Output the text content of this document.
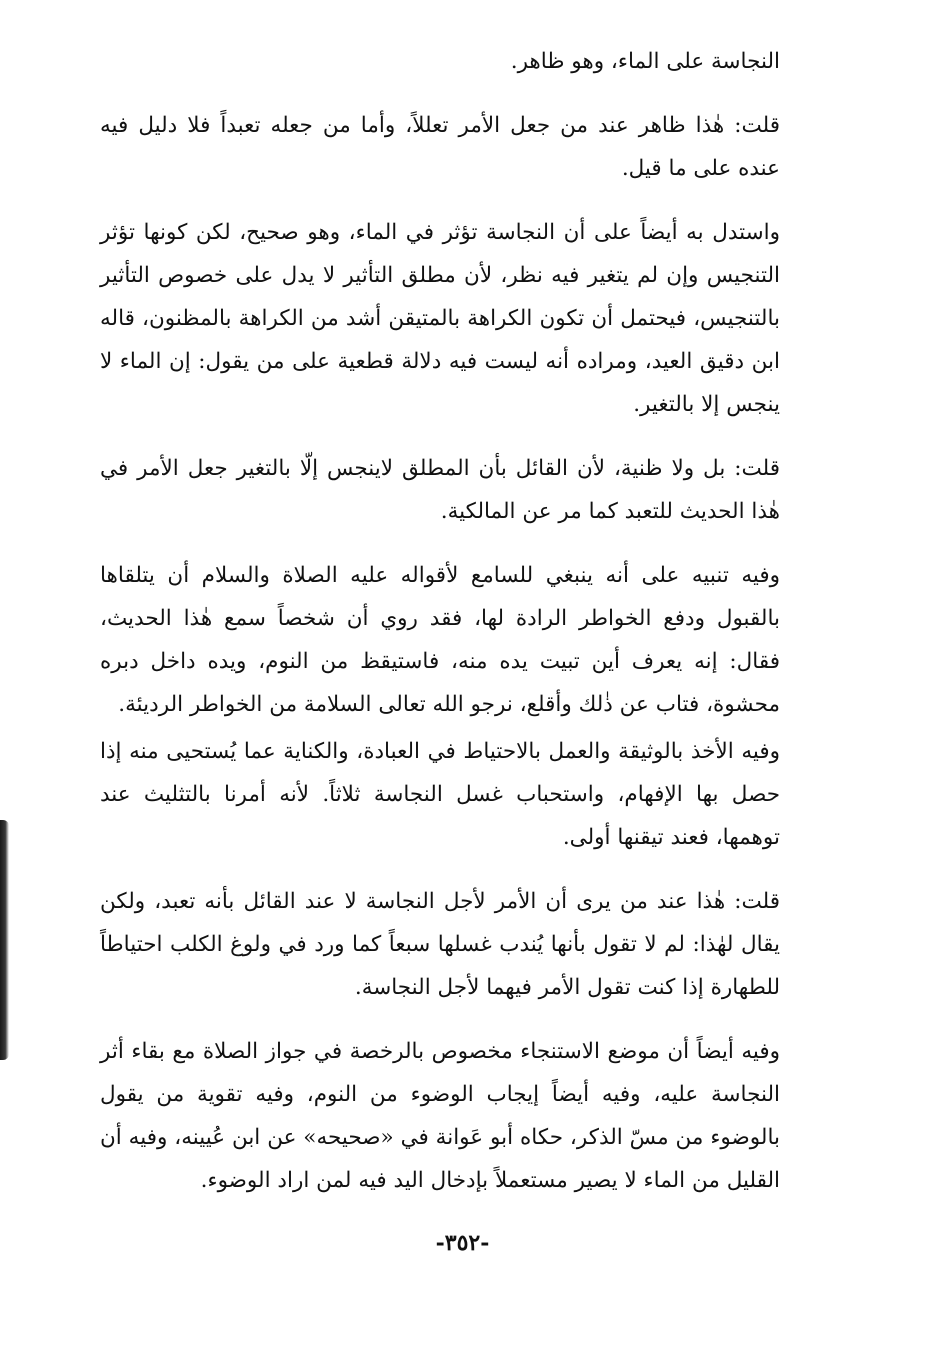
النجاسة على الماء، وهو ظاهر.

قلت: هٰذا ظاهر عند من جعل الأمر تعللاً، وأما من جعله تعبداً فلا دليل فيه عنده على ما قيل.

واستدل به أيضاً على أن النجاسة تؤثر في الماء، وهو صحيح، لكن كونها تؤثر التنجيس وإن لم يتغير فيه نظر، لأن مطلق التأثير لا يدل على خصوص التأثير بالتنجيس، فيحتمل أن تكون الكراهة بالمتيقن أشد من الكراهة بالمظنون، قاله ابن دقيق العيد، ومراده أنه ليست فيه دلالة قطعية على من يقول: إن الماء لا ينجس إلا بالتغير.

قلت: بل ولا ظنية، لأن القائل بأن المطلق لاينجس إلّا بالتغير جعل الأمر في هٰذا الحديث للتعبد كما مر عن المالكية.

وفيه تنبيه على أنه ينبغي للسامع لأقواله عليه الصلاة والسلام أن يتلقاها بالقبول ودفع الخواطر الرادة لها، فقد روي أن شخصاً سمع هٰذا الحديث، فقال: إنه يعرف أين تبيت يده منه، فاستيقظ من النوم، ويده داخل دبره محشوة، فتاب عن ذٰلك وأقلع، نرجو الله تعالى السلامة من الخواطر الرديئة.

وفيه الأخذ بالوثيقة والعمل بالاحتياط في العبادة، والكناية عما يُستحيى منه إذا حصل بها الإفهام، واستحباب غسل النجاسة ثلاثاً. لأنه أمرنا بالتثليث عند توهمها، فعند تيقنها أولى.

قلت: هٰذا عند من يرى أن الأمر لأجل النجاسة لا عند القائل بأنه تعبد، ولكن يقال لهٰذا: لم لا تقول بأنها يُندب غسلها سبعاً كما ورد في ولوغ الكلب احتياطاً للطهارة إذا كنت تقول الأمر فيهما لأجل النجاسة.

وفيه أيضاً أن موضع الاستنجاء مخصوص بالرخصة في جواز الصلاة مع بقاء أثر النجاسة عليه، وفيه أيضاً إيجاب الوضوء من النوم، وفيه تقوية من يقول بالوضوء من مسّ الذكر، حكاه أبو عَوانة في «صحيحه» عن ابن عُيينه، وفيه أن القليل من الماء لا يصير مستعملاً بإدخال اليد فيه لمن اراد الوضوء.

-٣٥٢-
